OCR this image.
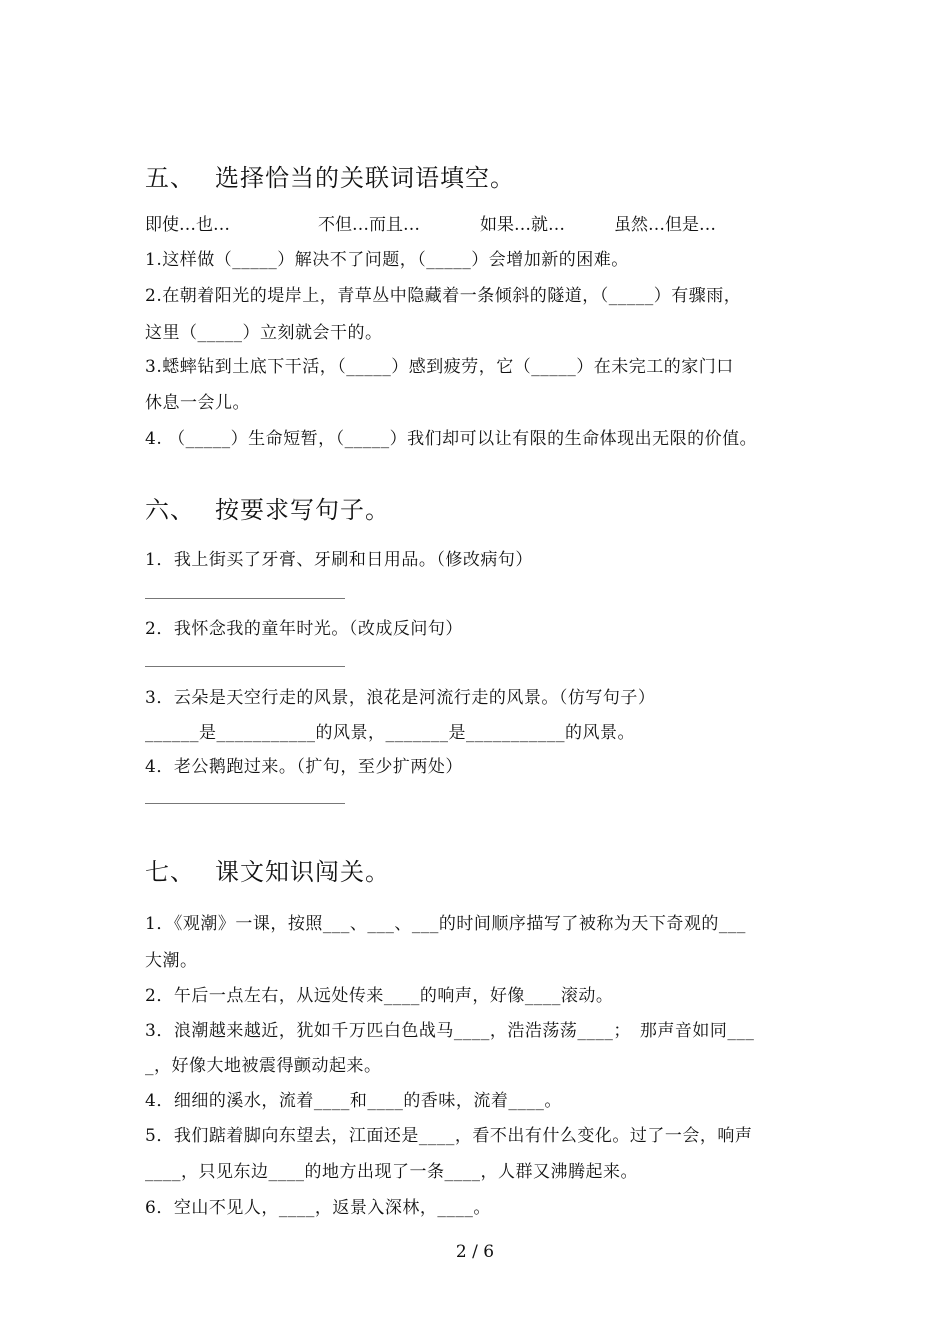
五、 选择恰当的关联词语填空。
即使…也…	不但…而且…	如果…就…	虽然…但是…
1.这样做（_____）解决不了问题，（_____）会增加新的困难。
2.在朝着阳光的堤岸上，青草丛中隐藏着一条倾斜的隧道，（_____）有骤雨，
这里（_____）立刻就会干的。
3.蟋蟀钻到土底下干活，（_____）感到疲劳，它（_____）在未完工的家门口
休息一会儿。
4. （_____）生命短暂，（_____）我们却可以让有限的生命体现出无限的价值。
六、 按要求写句子。
1．我上街买了牙膏、牙刷和日用品。（修改病句）
2．我怀念我的童年时光。（改成反问句）
3．云朵是天空行走的风景，浪花是河流行走的风景。（仿写句子）
______是___________的风景，_______是___________的风景。
4．老公鹅跑过来。（扩句，至少扩两处）
七、 课文知识闯关。
1．《观潮》一课，按照___、___、___的时间顺序描写了被称为天下奇观的___
大潮。
2．午后一点左右，从远处传来____的响声，好像____滚动。
3．浪潮越来越近，犹如千万匹白色战马____，浩浩荡荡____；　那声音如同___
_，好像大地被震得颤动起来。
4．细细的溪水，流着____和____的香味，流着____。
5．我们踮着脚向东望去，江面还是____，看不出有什么变化。过了一会，响声
____，只见东边____的地方出现了一条____，人群又沸腾起来。
6．空山不见人，____，返景入深林，____。
2 / 6
